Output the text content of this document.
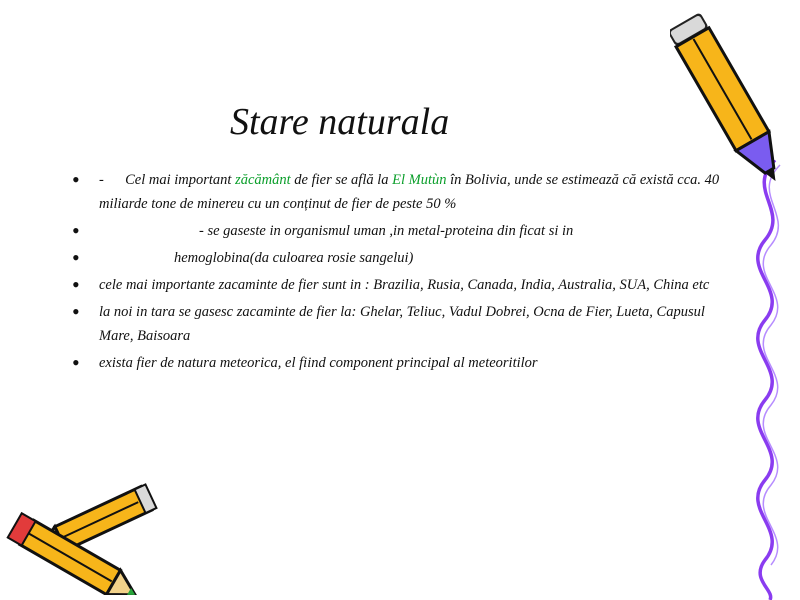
Stare naturala
• - Cel mai important zăcământ de fier se află la El Mutùn în Bolivia, unde se estimează că există cca. 40 miliarde tone de minereu cu un conținut de fier de peste 50 %
•	- se gaseste in organismul uman ,in metal-proteina din ficat si in
•	hemoglobina(da culoarea rosie sangelui)
• cele mai importante zacaminte de fier sunt in : Brazilia, Rusia, Canada, India, Australia, SUA, China etc
• la noi in tara se gasesc zacaminte de fier la: Ghelar, Teliuc, Vadul Dobrei, Ocna de Fier, Lueta, Capusul Mare, Baisoara
• exista fier de natura meteorica, el fiind component principal al meteoritilor
